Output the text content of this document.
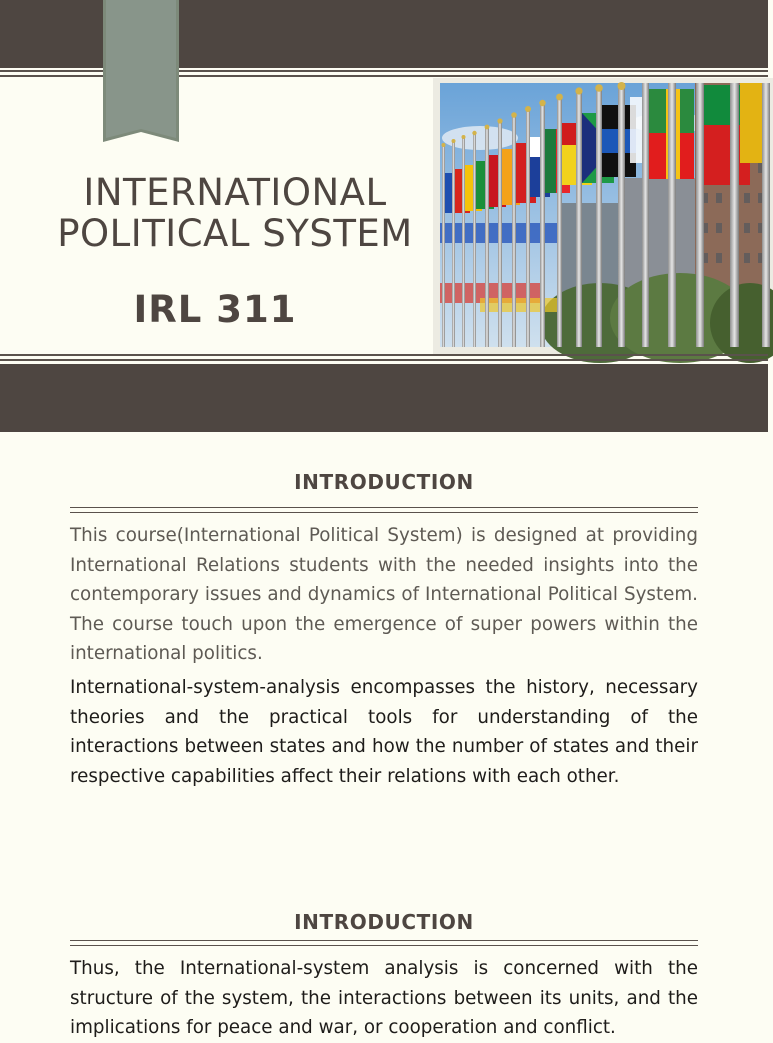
INTERNATIONAL
POLITICAL SYSTEM
IRL 311
INTRODUCTION

This course(International Political System) is designed at providing International Relations students with the needed insights into the contemporary issues and dynamics of International Political System. The course touch upon the emergence of super powers within the international politics.

International-system-analysis encompasses the history, necessary theories and the practical tools for understanding of the interactions between states and how the number of states and their respective capabilities affect their relations with each other.

INTRODUCTION

Thus, the International-system analysis is concerned with the structure of the system, the interactions between its units, and the implications for peace and war, or cooperation and conflict.
